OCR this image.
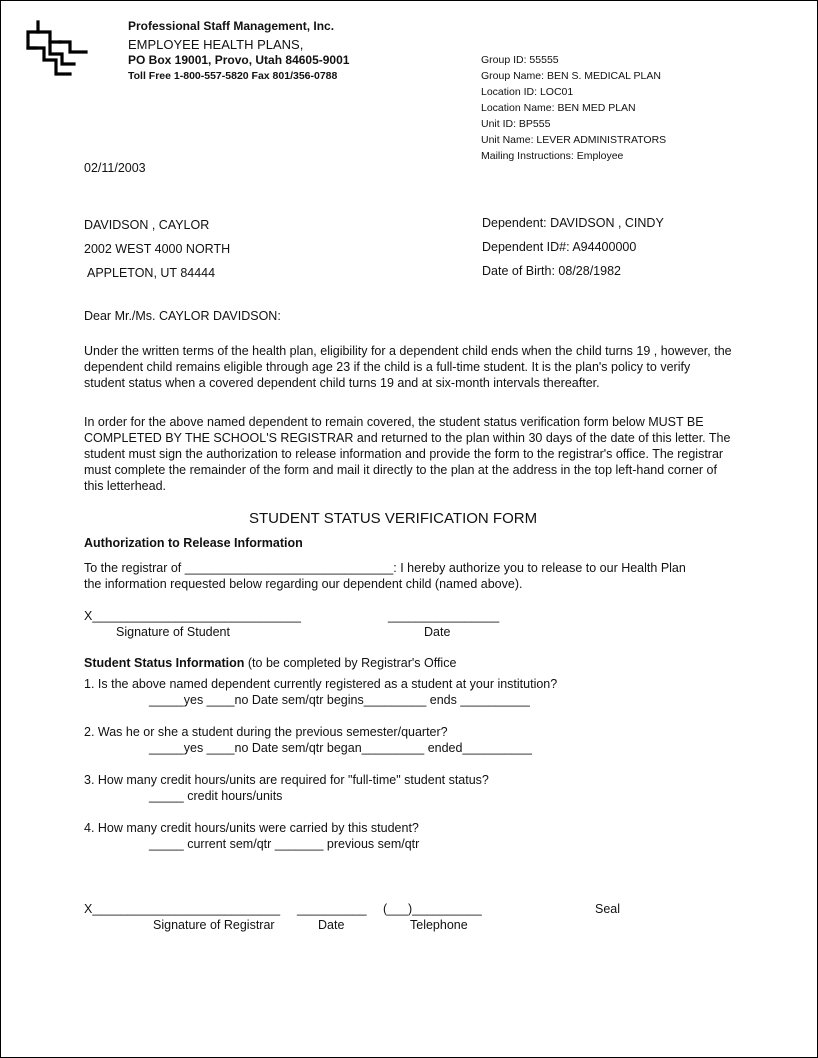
Professional Staff Management, Inc.
EMPLOYEE HEALTH PLANS,
PO Box 19001, Provo, Utah 84605-9001
Toll Free 1-800-557-5820 Fax 801/356-0788
Group ID: 55555
Group Name: BEN S. MEDICAL PLAN
Location ID: LOC01
Location Name: BEN MED PLAN
Unit ID: BP555
Unit Name: LEVER ADMINISTRATORS
Mailing Instructions: Employee
02/11/2003
DAVIDSON , CAYLOR
2002 WEST 4000 NORTH
APPLETON, UT 84444
Dependent: DAVIDSON , CINDY
Dependent ID#: A94400000
Date of Birth: 08/28/1982
Dear Mr./Ms. CAYLOR DAVIDSON:
Under the written terms of the health plan, eligibility for a dependent child ends when the child turns 19 , however, the dependent child remains eligible through age 23 if the child is a full-time student. It is the plan's policy to verify student status when a covered dependent child turns 19 and at six-month intervals thereafter.
In order for the above named dependent to remain covered, the student status verification form below MUST BE COMPLETED BY THE SCHOOL'S REGISTRAR and returned to the plan within 30 days of the date of this letter. The student must sign the authorization to release information and provide the form to the registrar's office. The registrar must complete the remainder of the form and mail it directly to the plan at the address in the top left-hand corner of this letterhead.
STUDENT STATUS VERIFICATION FORM
Authorization to Release Information
To the registrar of ______________________________: I hereby authorize you to release to our Health Plan
the information requested below regarding our dependent child (named above).
X______________________________	________________
Signature of Student	Date
Student Status Information (to be completed by Registrar's Office
1. Is the above named dependent currently registered as a student at your institution?
_____yes ____no Date sem/qtr begins_________ ends __________
2. Was he or she a student during the previous semester/quarter?
_____yes ____no Date sem/qtr began_________ ended__________
3. How many credit hours/units are required for "full-time" student status?
_____ credit hours/units
4. How many credit hours/units were carried by this student?
_____ current sem/qtr _______ previous sem/qtr
X___________________________ __________ (___)__________	Seal
Signature of Registrar	Date	Telephone
